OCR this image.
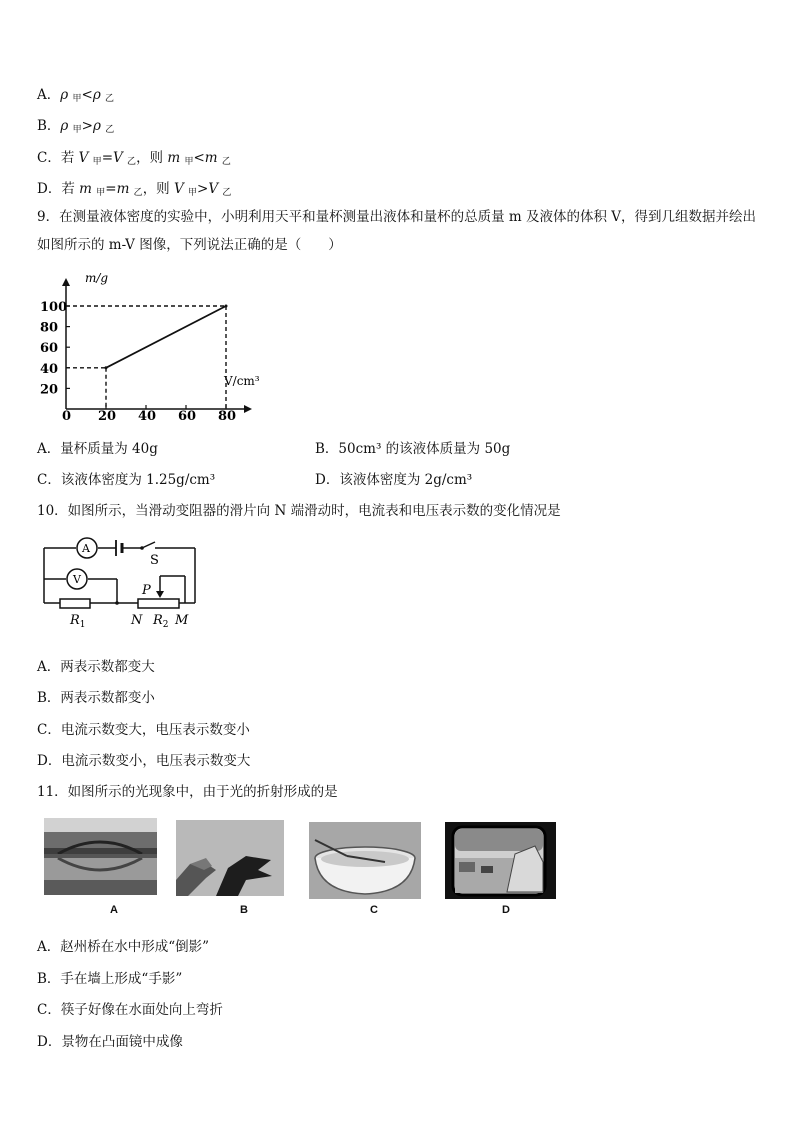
A．ρ $_甲$<ρ $_乙$
B．ρ $_甲$>ρ $_乙$
C．若 V $_甲$=V $_乙$，则 m $_甲$<m $_乙$
D．若 m $_甲$=m $_乙$，则 V $_甲$>V $_乙$
9．在测量液体密度的实验中，小明利用天平和量杯测量出液体和量杯的总质量 m 及液体的体积 V，得到几组数据并绘出如图所示的 m-V 图像，下列说法正确的是（　　）
m/g
V/cm³
0
20
40
60
80
100
20 40 60 80
A．量杯质量为 40g	B．50cm³ 的该液体质量为 50g
C．该液体密度为 1.25g/cm³	D．该液体密度为 2g/cm³
10．如图所示，当滑动变阻器的滑片向 N 端滑动时，电流表和电压表示数的变化情况是
A
S
V
P
$R_1$	N $R_2$ M
A．两表示数都变大
B．两表示数都变小
C．电流示数变大，电压表示数变小
D．电流示数变小，电压表示数变大
11．如图所示的光现象中，由于光的折射形成的是
A	B	C	D
A．赵州桥在水中形成“倒影”
B．手在墙上形成“手影”
C．筷子好像在水面处向上弯折
D．景物在凸面镜中成像
